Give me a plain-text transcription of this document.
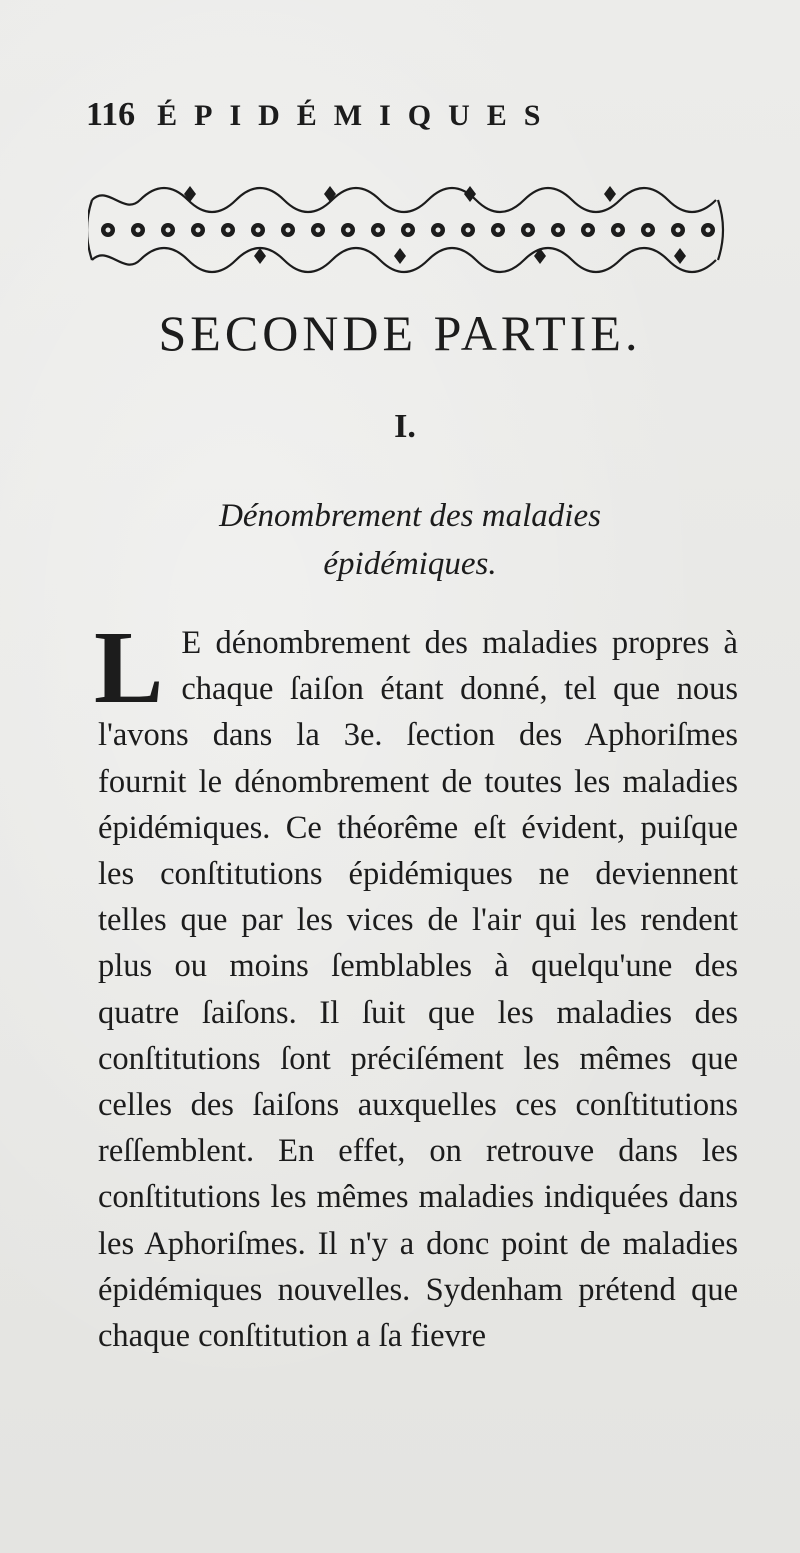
116 ÉPIDÉMIQUES
SECONDE PARTIE.
I.
Dénombrement des maladies
épidémiques.
L E dénombrement des maladies propres à chaque ſaiſon étant donné, tel que nous l'avons dans la 3e. ſection des Aphoriſmes fournit le dénombrement de toutes les maladies épidémiques. Ce théorême eſt évident, puiſque les conſtitutions épidémiques ne deviennent telles que par les vices de l'air qui les rendent plus ou moins ſemblables à quelqu'une des quatre ſaiſons. Il ſuit que les maladies des conſtitutions ſont préciſément les mêmes que celles des ſaiſons auxquelles ces conſtitutions reſſemblent. En effet, on retrouve dans les conſtitutions les mêmes maladies indiquées dans les Aphoriſmes. Il n'y a donc point de maladies épidémiques nouvelles. Sydenham prétend que chaque conſtitution a ſa fievre
